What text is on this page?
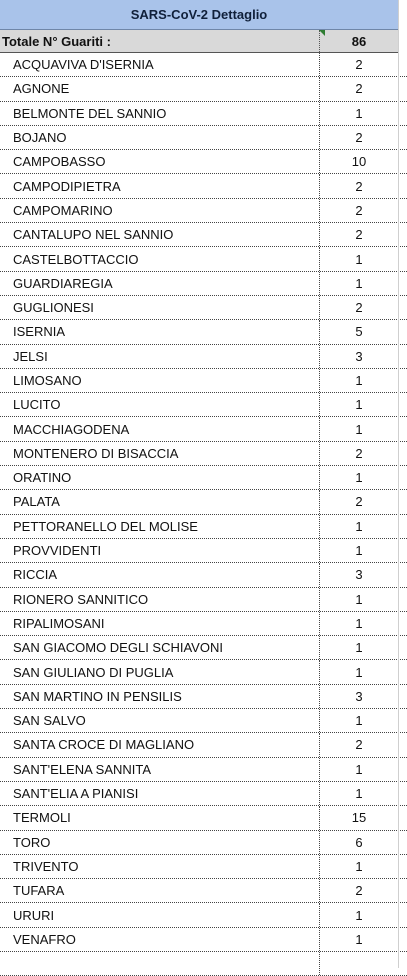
SARS-CoV-2 Dettaglio
Totale N° Guariti :	86
ACQUAVIVA D'ISERNIA	2
AGNONE	2
BELMONTE DEL SANNIO	1
BOJANO	2
CAMPOBASSO	10
CAMPODIPIETRA	2
CAMPOMARINO	2
CANTALUPO NEL SANNIO	2
CASTELBOTTACCIO	1
GUARDIAREGIA	1
GUGLIONESI	2
ISERNIA	5
JELSI	3
LIMOSANO	1
LUCITO	1
MACCHIAGODENA	1
MONTENERO DI BISACCIA	2
ORATINO	1
PALATA	2
PETTORANELLO DEL MOLISE	1
PROVVIDENTI	1
RICCIA	3
RIONERO SANNITICO	1
RIPALIMOSANI	1
SAN GIACOMO DEGLI SCHIAVONI	1
SAN GIULIANO DI PUGLIA	1
SAN MARTINO IN PENSILIS	3
SAN SALVO	1
SANTA CROCE DI MAGLIANO	2
SANT'ELENA SANNITA	1
SANT'ELIA A PIANISI	1
TERMOLI	15
TORO	6
TRIVENTO	1
TUFARA	2
URURI	1
VENAFRO	1
